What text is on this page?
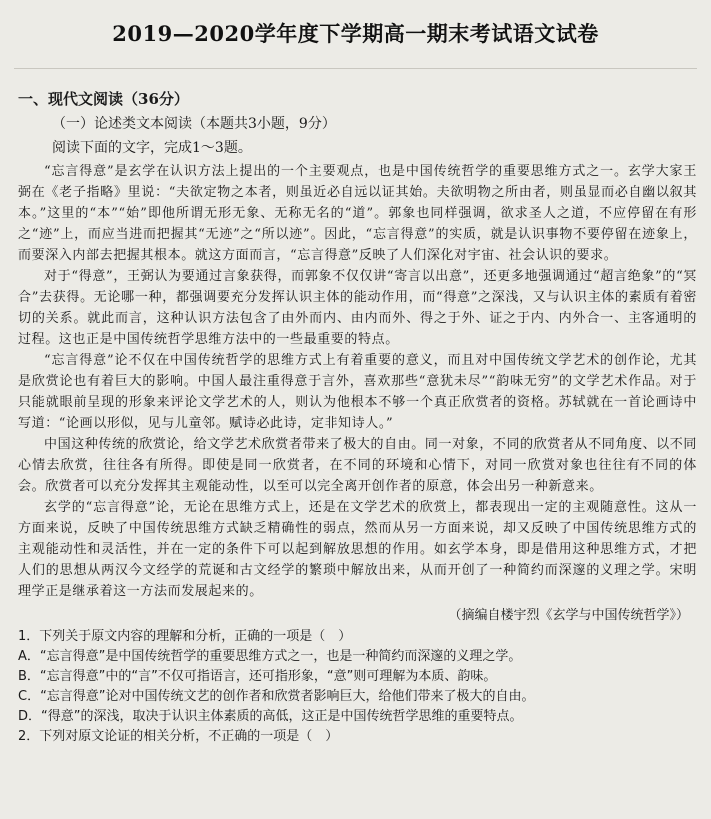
2019—2020学年度下学期高一期末考试语文试卷

一、现代文阅读（36分）

（一）论述类文本阅读（本题共3小题，9分）

阅读下面的文字，完成1～3题。

“忘言得意”是玄学在认识方法上提出的一个主要观点，也是中国传统哲学的重要思维方式之一。玄学大家王弼在《老子指略》里说：“夫欲定物之本者，则虽近必自远以证其始。夫欲明物之所由者，则虽显而必自幽以叙其本。”这里的“本”“始”即他所谓无形无象、无称无名的“道”。郭象也同样强调，欲求圣人之道，不应停留在有形之“迹”上，而应当进而把握其“无迹”之“所以迹”。因此，“忘言得意”的实质，就是认识事物不要停留在迹象上，而要深入内部去把握其根本。就这方面而言，“忘言得意”反映了人们深化对宇宙、社会认识的要求。

对于“得意”，王弼认为要通过言象获得，而郭象不仅仅讲“寄言以出意”，还更多地强调通过“超言绝象”的“冥合”去获得。无论哪一种，都强调要充分发挥认识主体的能动作用，而“得意”之深浅，又与认识主体的素质有着密切的关系。就此而言，这种认识方法包含了由外而内、由内而外、得之于外、证之于内、内外合一、主客通明的过程。这也正是中国传统哲学思维方法中的一些最重要的特点。

“忘言得意”论不仅在中国传统哲学的思维方式上有着重要的意义，而且对中国传统文学艺术的创作论，尤其是欣赏论也有着巨大的影响。中国人最注重得意于言外，喜欢那些“意犹未尽”“韵味无穷”的文学艺术作品。对于只能就眼前呈现的形象来评论文学艺术的人，则认为他根本不够一个真正欣赏者的资格。苏轼就在一首论画诗中写道：“论画以形似，见与儿童邻。赋诗必此诗，定非知诗人。”

中国这种传统的欣赏论，给文学艺术欣赏者带来了极大的自由。同一对象，不同的欣赏者从不同角度、以不同心情去欣赏，往往各有所得。即使是同一欣赏者，在不同的环境和心情下，对同一欣赏对象也往往有不同的体会。欣赏者可以充分发挥其主观能动性，以至可以完全离开创作者的原意，体会出另一种新意来。

玄学的“忘言得意”论，无论在思维方式上，还是在文学艺术的欣赏上，都表现出一定的主观随意性。这从一方面来说，反映了中国传统思维方式缺乏精确性的弱点，然而从另一方面来说，却又反映了中国传统思维方式的主观能动性和灵活性，并在一定的条件下可以起到解放思想的作用。如玄学本身，即是借用这种思维方式，才把人们的思想从两汉今文经学的荒诞和古文经学的繁琐中解放出来，从而开创了一种简约而深邃的义理之学。宋明理学正是继承着这一方法而发展起来的。

（摘编自楼宇烈《玄学与中国传统哲学》）

1．下列关于原文内容的理解和分析，正确的一项是（　）

A．“忘言得意”是中国传统哲学的重要思维方式之一，也是一种简约而深邃的义理之学。

B．“忘言得意”中的“言”不仅可指语言，还可指形象，“意”则可理解为本质、韵味。

C．“忘言得意”论对中国传统文艺的创作者和欣赏者影响巨大，给他们带来了极大的自由。

D．“得意”的深浅，取决于认识主体素质的高低，这正是中国传统哲学思维的重要特点。

2．下列对原文论证的相关分析，不正确的一项是（　）
